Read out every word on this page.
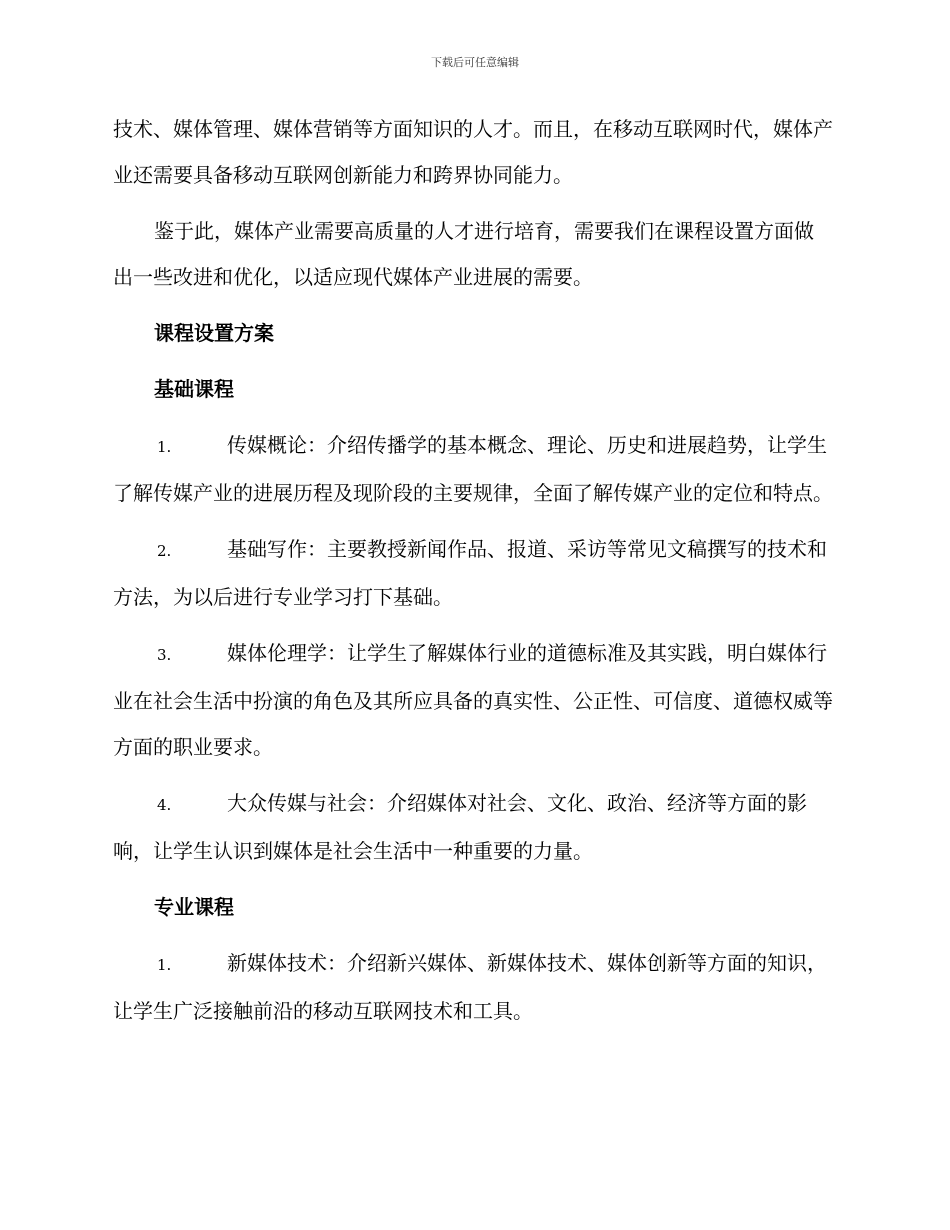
下载后可任意编辑

技术、媒体管理、媒体营销等方面知识的人才。而且，在移动互联网时代，媒体产业还需要具备移动互联网创新能力和跨界协同能力。

鉴于此，媒体产业需要高质量的人才进行培育，需要我们在课程设置方面做出一些改进和优化，以适应现代媒体产业进展的需要。

课程设置方案

基础课程

1.	传媒概论：介绍传播学的基本概念、理论、历史和进展趋势，让学生了解传媒产业的进展历程及现阶段的主要规律，全面了解传媒产业的定位和特点。

2.	基础写作：主要教授新闻作品、报道、采访等常见文稿撰写的技术和方法，为以后进行专业学习打下基础。

3.	媒体伦理学：让学生了解媒体行业的道德标准及其实践，明白媒体行业在社会生活中扮演的角色及其所应具备的真实性、公正性、可信度、道德权威等方面的职业要求。

4.	大众传媒与社会：介绍媒体对社会、文化、政治、经济等方面的影响，让学生认识到媒体是社会生活中一种重要的力量。

专业课程

1.	新媒体技术：介绍新兴媒体、新媒体技术、媒体创新等方面的知识，让学生广泛接触前沿的移动互联网技术和工具。
